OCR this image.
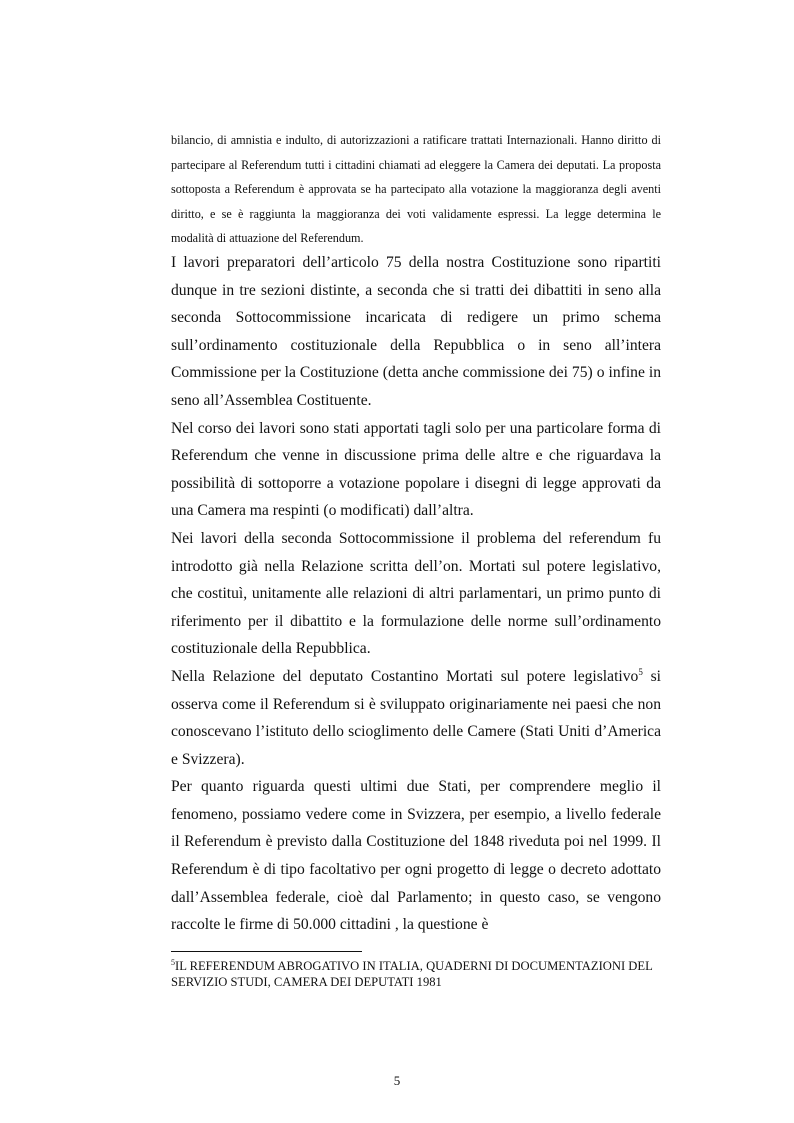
bilancio, di amnistia e indulto, di autorizzazioni a ratificare trattati Internazionali. Hanno diritto di partecipare al Referendum tutti i cittadini chiamati ad eleggere la Camera dei deputati. La proposta sottoposta a Referendum è approvata se ha partecipato alla votazione la maggioranza degli aventi diritto, e se è raggiunta la maggioranza dei voti validamente espressi. La legge determina le modalità di attuazione del Referendum.

I lavori preparatori dell’articolo 75 della nostra Costituzione sono ripartiti dunque in tre sezioni distinte, a seconda che si tratti dei dibattiti in seno alla seconda Sottocommissione incaricata di redigere un primo schema sull’ordinamento costituzionale della Repubblica o in seno all’intera Commissione per la Costituzione (detta anche commissione dei 75) o infine in seno all’Assemblea Costituente.

Nel corso dei lavori sono stati apportati tagli solo per una particolare forma di Referendum che venne in discussione prima delle altre e che riguardava la possibilità di sottoporre a votazione popolare i disegni di legge approvati da una Camera ma respinti (o modificati) dall’altra.

Nei lavori della seconda Sottocommissione il problema del referendum fu introdotto già nella Relazione scritta dell’on. Mortati sul potere legislativo, che costituì, unitamente alle relazioni di altri parlamentari, un primo punto di riferimento per il dibattito e la formulazione delle norme sull’ordinamento costituzionale della Repubblica.

Nella Relazione del deputato Costantino Mortati sul potere legislativo$^5$ si osserva come il Referendum si è sviluppato originariamente nei paesi che non conoscevano l’istituto dello scioglimento delle Camere (Stati Uniti d’America e Svizzera).

Per quanto riguarda questi ultimi due Stati, per comprendere meglio il fenomeno, possiamo vedere come in Svizzera, per esempio, a livello federale il Referendum è previsto dalla Costituzione del 1848 riveduta poi nel 1999. Il Referendum è di tipo facoltativo per ogni progetto di legge o decreto adottato dall’Assemblea federale, cioè dal Parlamento; in questo caso, se vengono raccolte le firme di 50.000 cittadini , la questione è

$^5$IL REFERENDUM ABROGATIVO IN ITALIA, QUADERNI DI DOCUMENTAZIONI DEL SERVIZIO STUDI, CAMERA DEI DEPUTATI 1981

5
